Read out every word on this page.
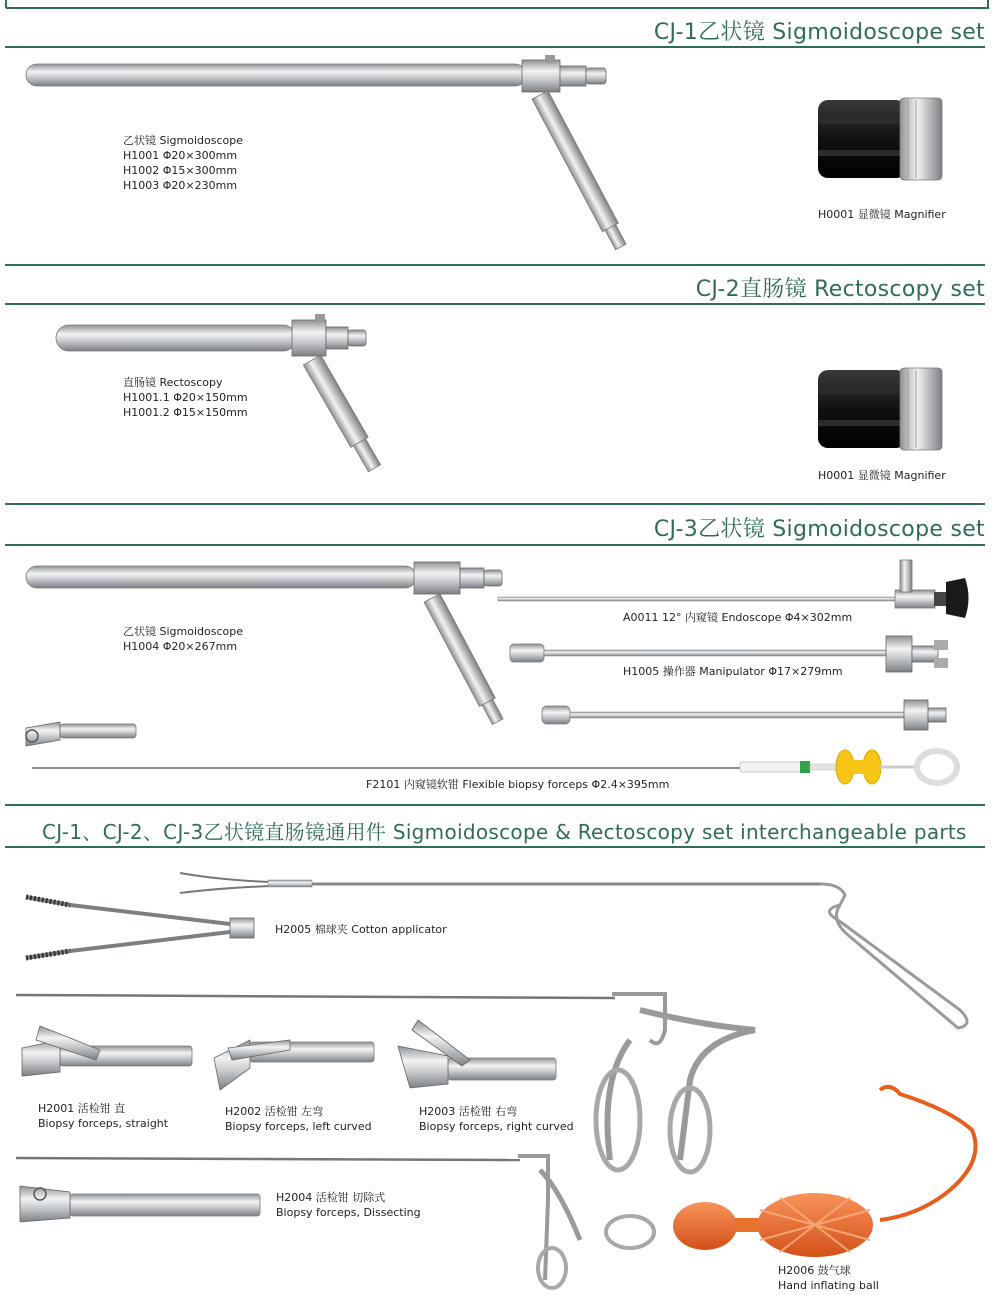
CJ-1乙状镜 Sigmoidoscope set
CJ-2直肠镜 Rectoscopy set
CJ-3乙状镜 Sigmoidoscope set
CJ-1、CJ-2、CJ-3乙状镜直肠镜通用件 Sigmoidoscope & Rectoscopy set interchangeable parts
乙状镜 Sigmoidoscope
H1001 Φ20×300mm
H1002 Φ15×300mm
H1003 Φ20×230mm
H0001 显微镜 Magnifier
直肠镜 Rectoscopy
H1001.1 Φ20×150mm
H1001.2 Φ15×150mm
H0001 显微镜 Magnifier
乙状镜 Sigmoidoscope
H1004 Φ20×267mm
A0011 12° 内窥镜 Endoscope Φ4×302mm
H1005 操作器 Manipulator Φ17×279mm
F2101 内窥镜软钳 Flexible biopsy forceps Φ2.4×395mm
H2005 棉球夹 Cotton applicator
H2001 活检钳 直
Biopsy forceps, straight
H2002 活检钳 左弯
Biopsy forceps, left curved
H2003 活检钳 右弯
Biopsy forceps, right curved
H2004 活检钳 切除式
Biopsy forceps, Dissecting
H2006 鼓气球
Hand inflating ball
